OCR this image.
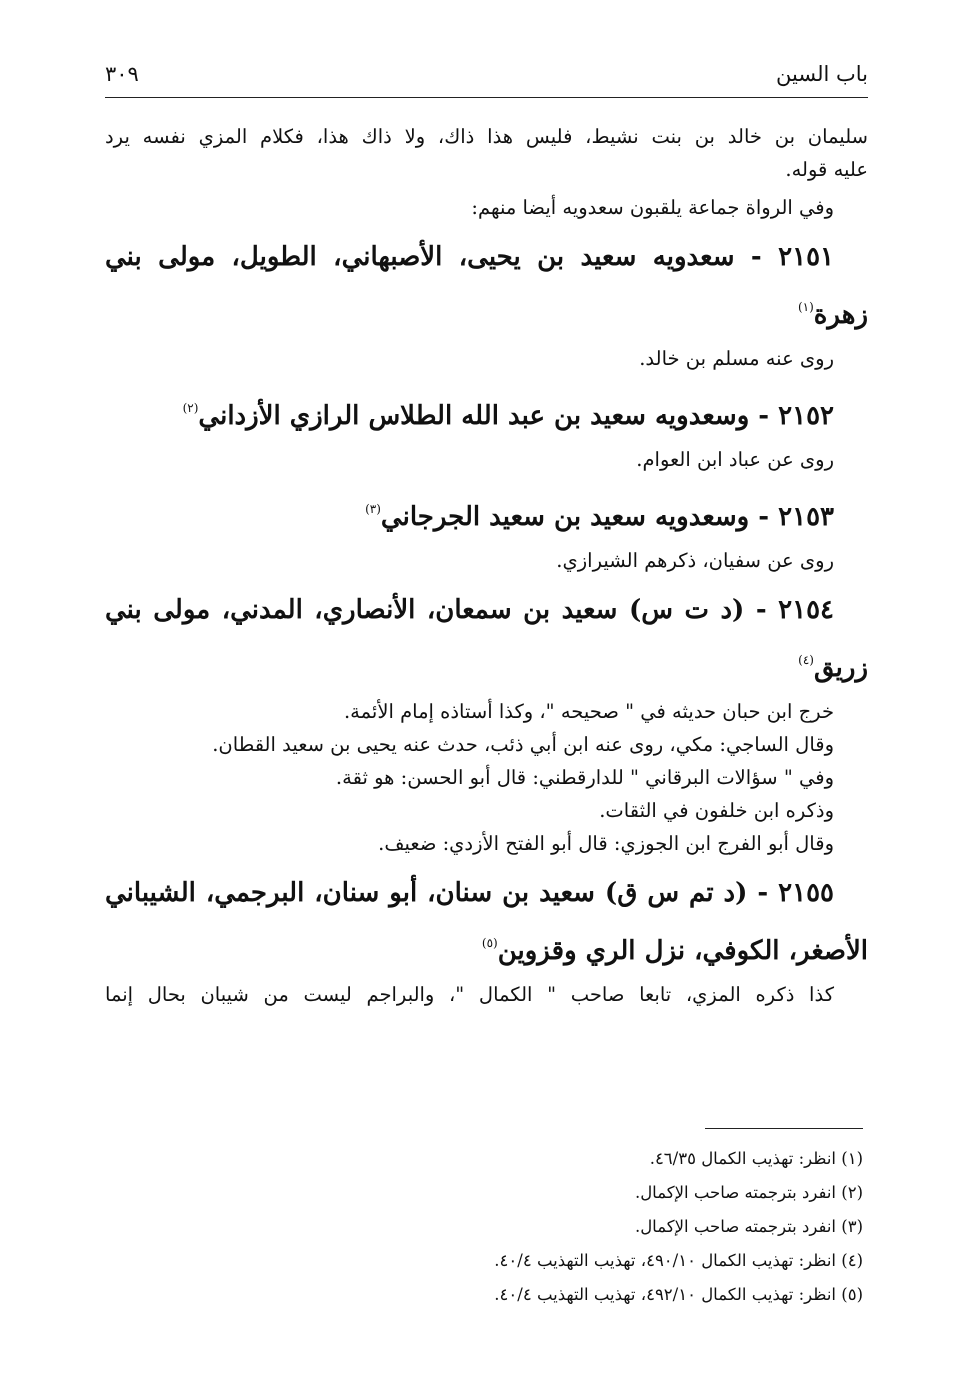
باب السين
٣٠٩

سليمان بن خالد بن بنت نشيط، فليس هذا ذاك، ولا ذاك هذا، فكلام المزي نفسه يرد
عليه قوله.

وفي الرواة جماعة يلقبون سعدويه أيضا منهم:

٢١٥١ - سعدويه سعيد بن يحيى، الأصبهاني، الطويل، مولى بني زهرة$^{(١)}$

روى عنه مسلم بن خالد.

٢١٥٢ - وسعدويه سعيد بن عبد الله الطلاس الرازي الأزداني$^{(٢)}$

روى عن عباد ابن العوام.

٢١٥٣ - وسعدويه سعيد بن سعيد الجرجاني$^{(٣)}$

روى عن سفيان، ذكرهم الشيرازي.

٢١٥٤ - (د ت س) سعيد بن سمعان، الأنصاري، المدني، مولى بني زريق$^{(٤)}$

خرج ابن حبان حديثه في " صحيحه "، وكذا أستاذه إمام الأئمة.

وقال الساجي: مكي، روى عنه ابن أبي ذئب، حدث عنه يحيى بن سعيد القطان.

وفي " سؤالات البرقاني " للدارقطني: قال أبو الحسن: هو ثقة.

وذكره ابن خلفون في الثقات.

وقال أبو الفرج ابن الجوزي: قال أبو الفتح الأزدي: ضعيف.

٢١٥٥ - (د تم س ق) سعيد بن سنان، أبو سنان، البرجمي، الشيباني الأصغر، الكوفي، نزل الري وقزوين$^{(٥)}$

كذا ذكره المزي، تابعا صاحب " الكمال "، والبراجم ليست من شيبان بحال إنما

(١) انظر: تهذيب الكمال ٤٦/٣٥.

(٢) انفرد بترجمته صاحب الإكمال.

(٣) انفرد بترجمته صاحب الإكمال.

(٤) انظر: تهذيب الكمال ٤٩٠/١٠، تهذيب التهذيب ٤٠/٤.

(٥) انظر: تهذيب الكمال ٤٩٢/١٠، تهذيب التهذيب ٤٠/٤.
